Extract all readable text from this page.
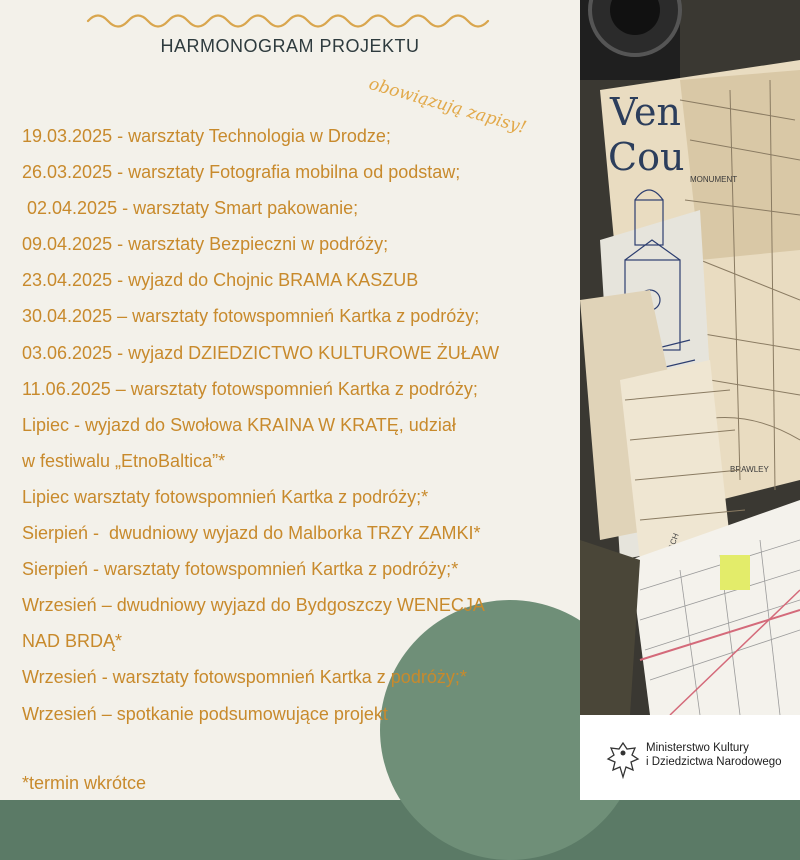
Ven
Cou
MONUMENT
BRAWLEY
Ministerstwo Kultury
i Dziedzictwa Narodowego
HARMONOGRAM PROJEKTU
obowiązują zapisy!
19.03.2025 - warsztaty Technologia w Drodze;
26.03.2025 - warsztaty Fotografia mobilna od podstaw;
02.04.2025 - warsztaty Smart pakowanie;
09.04.2025 - warsztaty Bezpieczni w podróży;
23.04.2025 - wyjazd do Chojnic BRAMA KASZUB
30.04.2025 – warsztaty fotowspomnień Kartka z podróży;
03.06.2025 - wyjazd DZIEDZICTWO KULTUROWE ŻUŁAW
11.06.2025 – warsztaty fotowspomnień Kartka z podróży;
Lipiec - wyjazd do Swołowa KRAINA W KRATĘ, udział
w festiwalu „EtnoBaltica”*
Lipiec warsztaty fotowspomnień Kartka z podróży;*
Sierpień -  dwudniowy wyjazd do Malborka TRZY ZAMKI*
Sierpień - warsztaty fotowspomnień Kartka z podróży;*
Wrzesień – dwudniowy wyjazd do Bydgoszczy WENECJA
NAD BRDĄ*
Wrzesień - warsztaty fotowspomnień Kartka z podróży;*
Wrzesień – spotkanie podsumowujące projekt
*termin wkrótce
